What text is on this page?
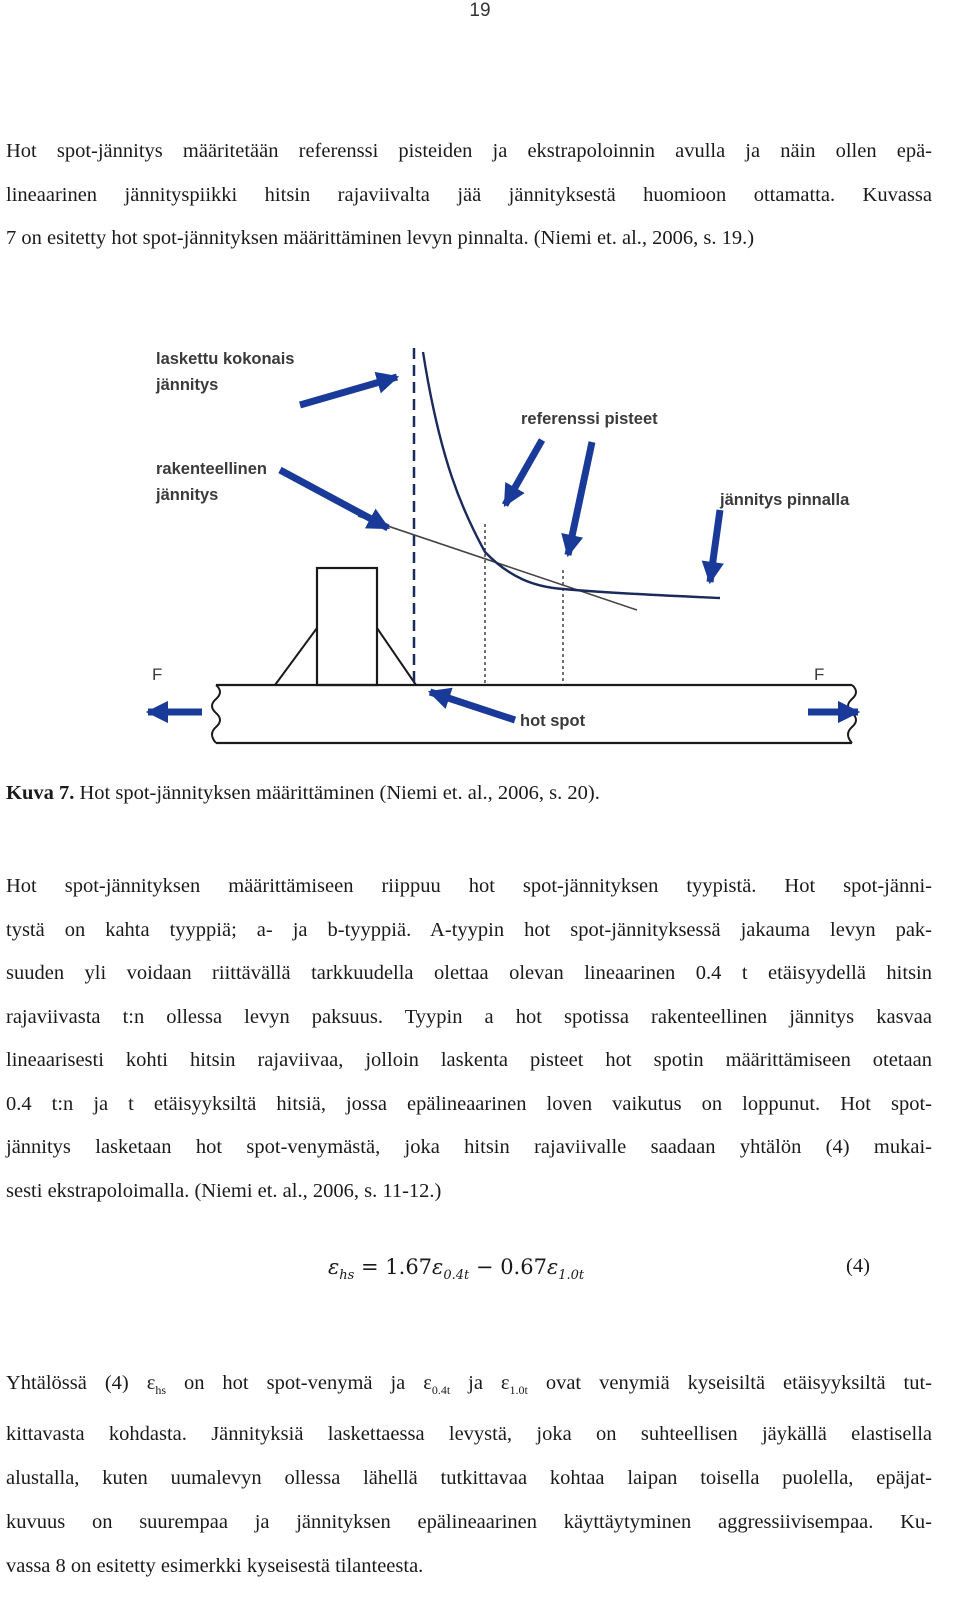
19

Hot spot-jännitys määritetään referenssi pisteiden ja ekstrapoloinnin avulla ja näin ollen epä-
lineaarinen jännityspiikki hitsin rajaviivalta jää jännityksestä huomioon ottamatta. Kuvassa
7 on esitetty hot spot-jännityksen määrittäminen levyn pinnalta. (Niemi et. al., 2006, s. 19.)

laskettu kokonais
jännitys
rakenteellinen
jännitys
referenssi pisteet
jännitys pinnalla
F	F
hot spot

Kuva 7. Hot spot-jännityksen määrittäminen (Niemi et. al., 2006, s. 20).

Hot spot-jännityksen määrittämiseen riippuu hot spot-jännityksen tyypistä. Hot spot-jänni-
tystä on kahta tyyppiä; a- ja b-tyyppiä. A-tyypin hot spot-jännityksessä jakauma levyn pak-
suuden yli voidaan riittävällä tarkkuudella olettaa olevan lineaarinen 0.4 t etäisyydellä hitsin
rajaviivasta t:n ollessa levyn paksuus. Tyypin a hot spotissa rakenteellinen jännitys kasvaa
lineaarisesti kohti hitsin rajaviivaa, jolloin laskenta pisteet hot spotin määrittämiseen otetaan
0.4 t:n ja t etäisyyksiltä hitsiä, jossa epälineaarinen loven vaikutus on loppunut. Hot spot-
jännitys lasketaan hot spot-venymästä, joka hitsin rajaviivalle saadaan yhtälön (4) mukai-
sesti ekstrapoloimalla. (Niemi et. al., 2006, s. 11-12.)

$\varepsilon_{hs} = 1.67\varepsilon_{0.4t} - 0.67\varepsilon_{1.0t}$	(4)

Yhtälössä (4) $\varepsilon_{hs}$ on hot spot-venymä ja $\varepsilon_{0.4t}$ ja $\varepsilon_{1.0t}$ ovat venymiä kyseisiltä etäisyyksiltä tut-
kittavasta kohdasta. Jännityksiä laskettaessa levystä, joka on suhteellisen jäykällä elastisella
alustalla, kuten uumalevyn ollessa lähellä tutkittavaa kohtaa laipan toisella puolella, epäjat-
kuvuus on suurempaa ja jännityksen epälineaarinen käyttäytyminen aggressiivisempaa. Ku-
vassa 8 on esitetty esimerkki kyseisestä tilanteesta.
